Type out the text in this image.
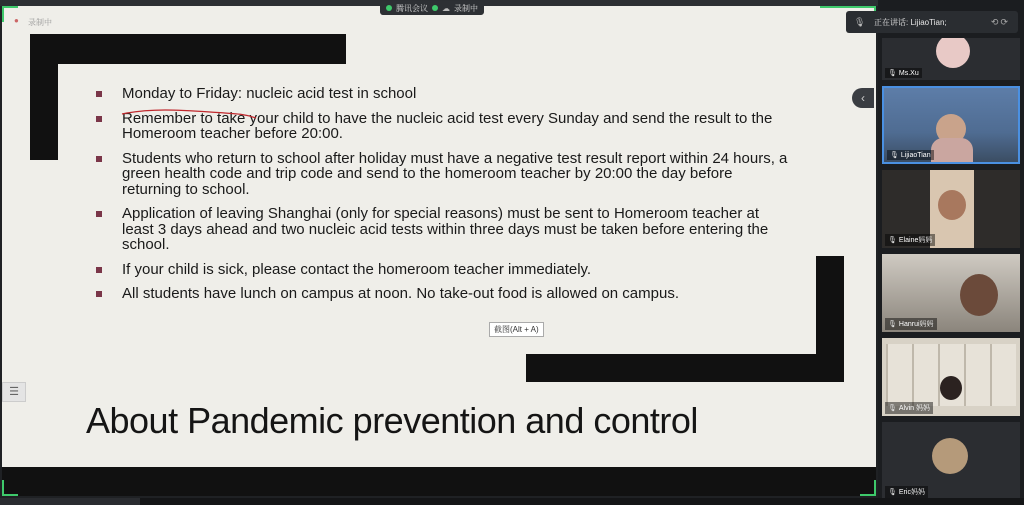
● 录制中
Monday to Friday: nucleic acid test in school
Remember to take your child to have the nucleic acid test every Sunday and send the result to the Homeroom teacher before 20:00.
Students who return to school after holiday must have a negative test result report within 24 hours, a green health code and trip code and send to the homeroom teacher by 20:00 the day before returning to school.
Application of leaving Shanghai (only for special reasons) must be sent to Homeroom teacher at least 3 days ahead and two nucleic acid tests within three days must be taken before entering the school.
If your child is sick, please contact the homeroom teacher immediately.
All students have lunch on campus at noon. No take-out food is allowed on campus.
截图(Alt + A)
About Pandemic prevention and control
☰
腾讯会议 ☁ 录制中
‹
🎙 正在讲话: LijiaoTian;	⟲⟳
🎙 Ms.Xu
🎙 LijiaoTian
🎙 Elaine妈妈
🎙 Hanrui妈妈
🎙 Alvin 妈妈
🎙 Eric妈妈
